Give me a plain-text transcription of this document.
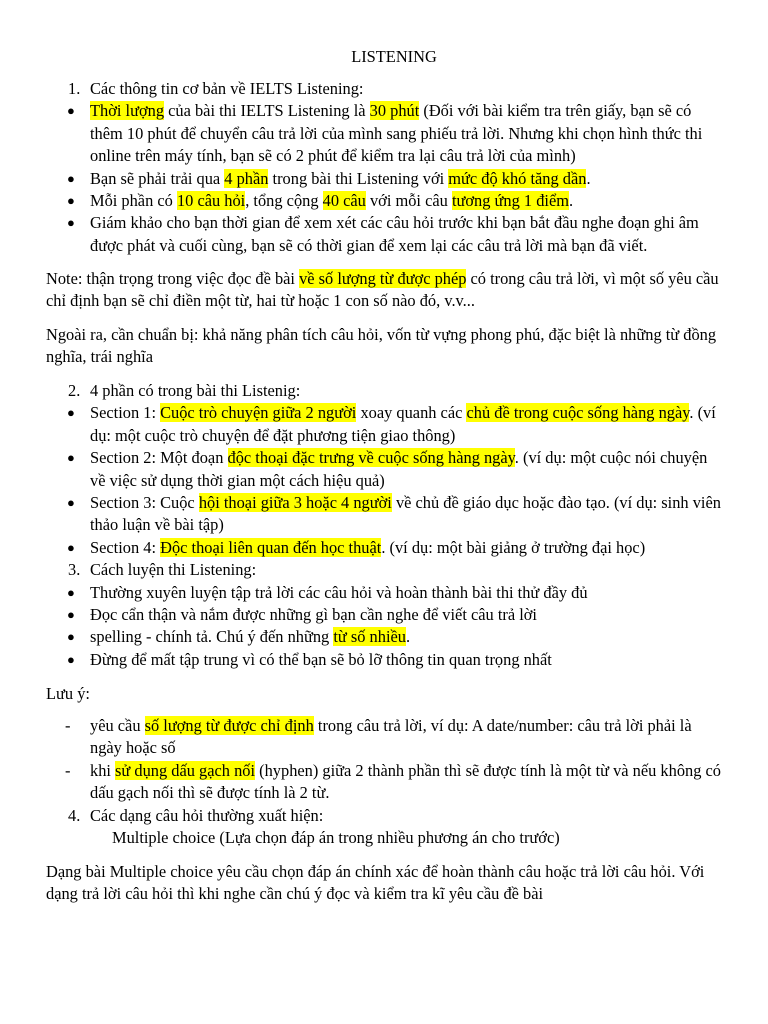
LISTENING
1. Các thông tin cơ bản về IELTS Listening:
● Thời lượng của bài thi IELTS Listening là 30 phút (Đối với bài kiểm tra trên giấy, bạn sẽ có thêm 10 phút để chuyển câu trả lời của mình sang phiếu trả lời. Nhưng khi chọn hình thức thi online trên máy tính, bạn sẽ có 2 phút để kiểm tra lại câu trả lời của mình)
● Bạn sẽ phải trải qua 4 phần trong bài thi Listening với mức độ khó tăng dần.
● Mỗi phần có 10 câu hỏi, tổng cộng 40 câu với mỗi câu tương ứng 1 điểm.
● Giám khảo cho bạn thời gian để xem xét các câu hỏi trước khi bạn bắt đầu nghe đoạn ghi âm được phát và cuối cùng, bạn sẽ có thời gian để xem lại các câu trả lời mà bạn đã viết.

Note: thận trọng trong việc đọc đề bài về số lượng từ được phép có trong câu trả lời, vì một số yêu cầu chỉ định bạn sẽ chỉ điền một từ, hai từ hoặc 1 con số nào đó, v.v...

Ngoài ra, cần chuẩn bị: khả năng phân tích câu hỏi, vốn từ vựng phong phú, đặc biệt là những từ đồng nghĩa, trái nghĩa

2. 4 phần có trong bài thi Listenig:
● Section 1: Cuộc trò chuyện giữa 2 người xoay quanh các chủ đề trong cuộc sống hàng ngày. (ví dụ: một cuộc trò chuyện để đặt phương tiện giao thông)
● Section 2: Một đoạn độc thoại đặc trưng về cuộc sống hàng ngày. (ví dụ: một cuộc nói chuyện về việc sử dụng thời gian một cách hiệu quả)
● Section 3: Cuộc hội thoại giữa 3 hoặc 4 người về chủ đề giáo dục hoặc đào tạo. (ví dụ: sinh viên thảo luận về bài tập)
● Section 4: Độc thoại liên quan đến học thuật. (ví dụ: một bài giảng ở trường đại học)
3. Cách luyện thi Listening:
● Thường xuyên luyện tập trả lời các câu hỏi và hoàn thành bài thi thử đầy đủ
● Đọc cẩn thận và nắm được những gì bạn cần nghe để viết câu trả lời
● spelling - chính tả. Chú ý đến những từ số nhiều.
● Đừng để mất tập trung vì có thể bạn sẽ bỏ lỡ thông tin quan trọng nhất
Lưu ý:
- yêu cầu số lượng từ được chỉ định trong câu trả lời, ví dụ: A date/number: câu trả lời phải là ngày hoặc số
- khi sử dụng dấu gạch nối (hyphen) giữa 2 thành phần thì sẽ được tính là một từ và nếu không có dấu gạch nối thì sẽ được tính là 2 từ.
4. Các dạng câu hỏi thường xuất hiện:
Multiple choice (Lựa chọn đáp án trong nhiều phương án cho trước)

Dạng bài Multiple choice yêu cầu chọn đáp án chính xác để hoàn thành câu hoặc trả lời câu hỏi. Với dạng trả lời câu hỏi thì khi nghe cần chú ý đọc và kiểm tra kĩ yêu cầu đề bài
